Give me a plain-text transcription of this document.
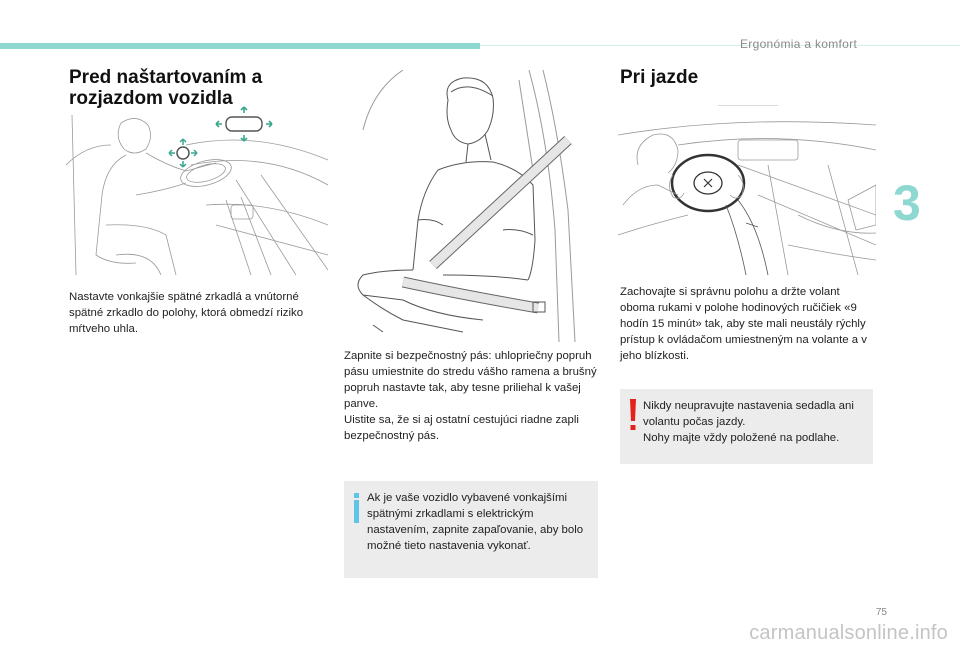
Ergonómia a komfort
3
Pred naštartovaním a rozjazdom vozidla

Nastavte vonkajšie spätné zrkadlá a vnútorné spätné zrkadlo do polohy, ktorá obmedzí riziko mŕtveho uhla.

Zapnite si bezpečnostný pás: uhlopriečny popruh pásu umiestnite do stredu vášho ramena a brušný popruh nastavte tak, aby tesne priliehal k vašej panve.

Uistite sa, že si aj ostatní cestujúci riadne zapli bezpečnostný pás.

Ak je vaše vozidlo vybavené vonkajšími spätnými zrkadlami s elektrickým nastavením, zapnite zapaľovanie, aby bolo možné tieto nastavenia vykonať.

Pri jazde

Zachovajte si správnu polohu a držte volant oboma rukami v polohe hodinových ručičiek «9 hodín 15 minút» tak, aby ste mali neustály rýchly prístup k ovládačom umiestneným na volante a v jeho blízkosti.

Nikdy neupravujte nastavenia sedadla ani volantu počas jazdy.

Nohy majte vždy položené na podlahe.

75
carmanualsonline.info
